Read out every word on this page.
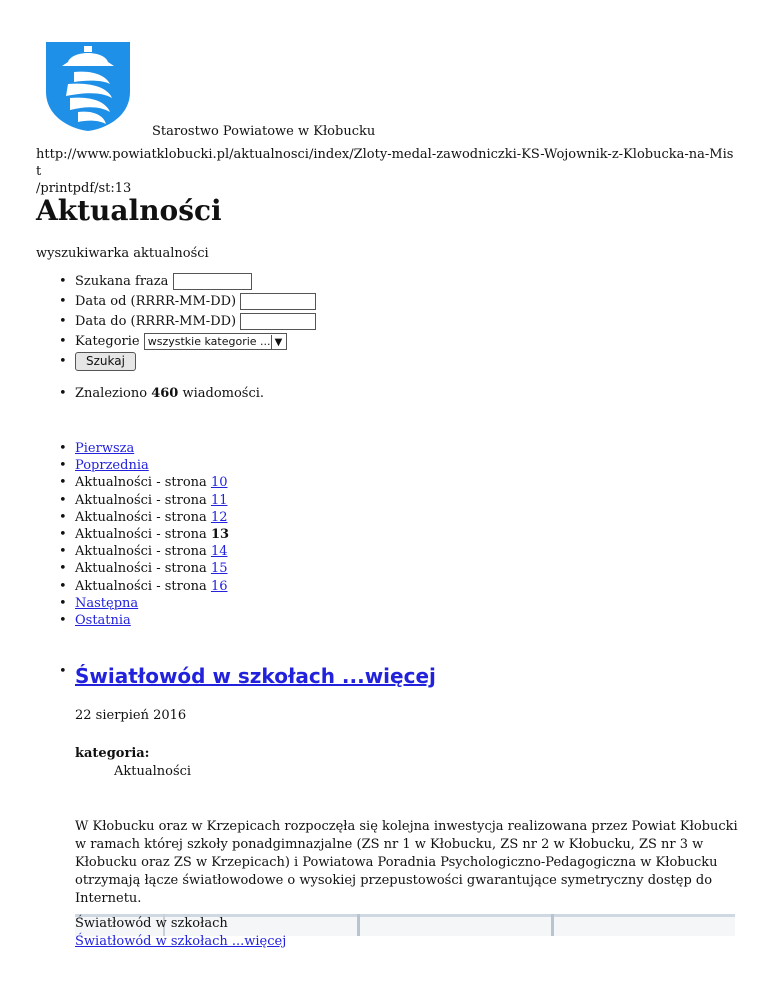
Starostwo Powiatowe w Kłobucku
http://www.powiatklobucki.pl/aktualnosci/index/Zloty-medal-zawodniczki-KS-Wojownik-z-Klobucka-na-Mist
/printpdf/st:13
Aktualności
wyszukiwarka aktualności
• Szukana fraza
• Data od (RRRR-MM-DD)
• Data do (RRRR-MM-DD)
• Kategorie wszystkie kategorie ... ▼
• Szukaj
• Znaleziono 460 wiadomości.
• Pierwsza
• Poprzednia
• Aktualności - strona 10
• Aktualności - strona 11
• Aktualności - strona 12
• Aktualności - strona 13
• Aktualności - strona 14
• Aktualności - strona 15
• Aktualności - strona 16
• Następna
• Ostatnia
• Światłowód w szkołach ...więcej
22 sierpień 2016
kategoria:
Aktualności
W Kłobucku oraz w Krzepicach rozpoczęła się kolejna inwestycja realizowana przez Powiat Kłobucki w ramach której szkoły ponadgimnazjalne (ZS nr 1 w Kłobucku, ZS nr 2 w Kłobucku, ZS nr 3 w Kłobucku oraz ZS w Krzepicach) i Powiatowa Poradnia Psychologiczno-Pedagogiczna w Kłobucku otrzymają łącze światłowodowe o wysokiej przepustowości gwarantujące symetryczny dostęp do Internetu.
Światłowód w szkołach
Światłowód w szkołach ...więcej
